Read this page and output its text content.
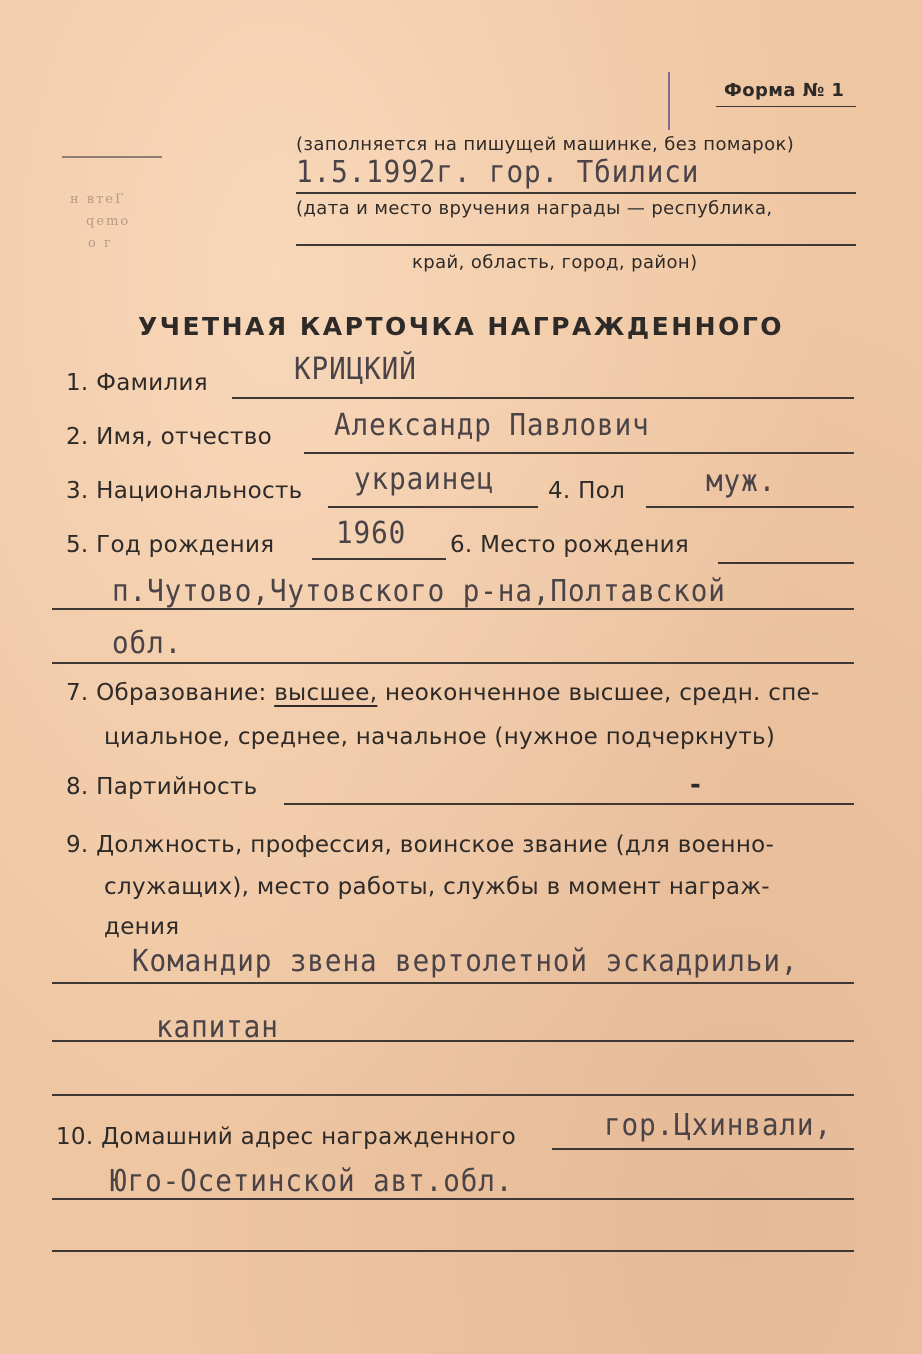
Форма № 1
н втеГ
qemo
о г
(заполняется на пишущей машинке, без помарок)
1.5.1992г. гор. Тбилиси
(дата и место вручения награды — республика,
край, область, город, район)
УЧЕТНАЯ КАРТОЧКА НАГРАЖДЕННОГО
1. Фамилия	КРИЦКИЙ
2. Имя, отчество Александр Павлович
3. Национальность украинец 4. Пол	муж.
5. Год рождения 1960 6. Место рождения
п.Чутово,Чутовского р-на,Полтавской
обл.
7. Образование: высшее, неоконченное высшее, средн. спе-
циальное, среднее, начальное (нужное подчеркнуть)
8. Партийность	-
9. Должность, профессия, воинское звание (для военно-
служащих), место работы, службы в момент награж-
дения
Командир звена вертолетной эскадрильи,
капитан
10. Домашний адрес награжденного	гор.Цхинвали,
Юго-Осетинской авт.обл.
